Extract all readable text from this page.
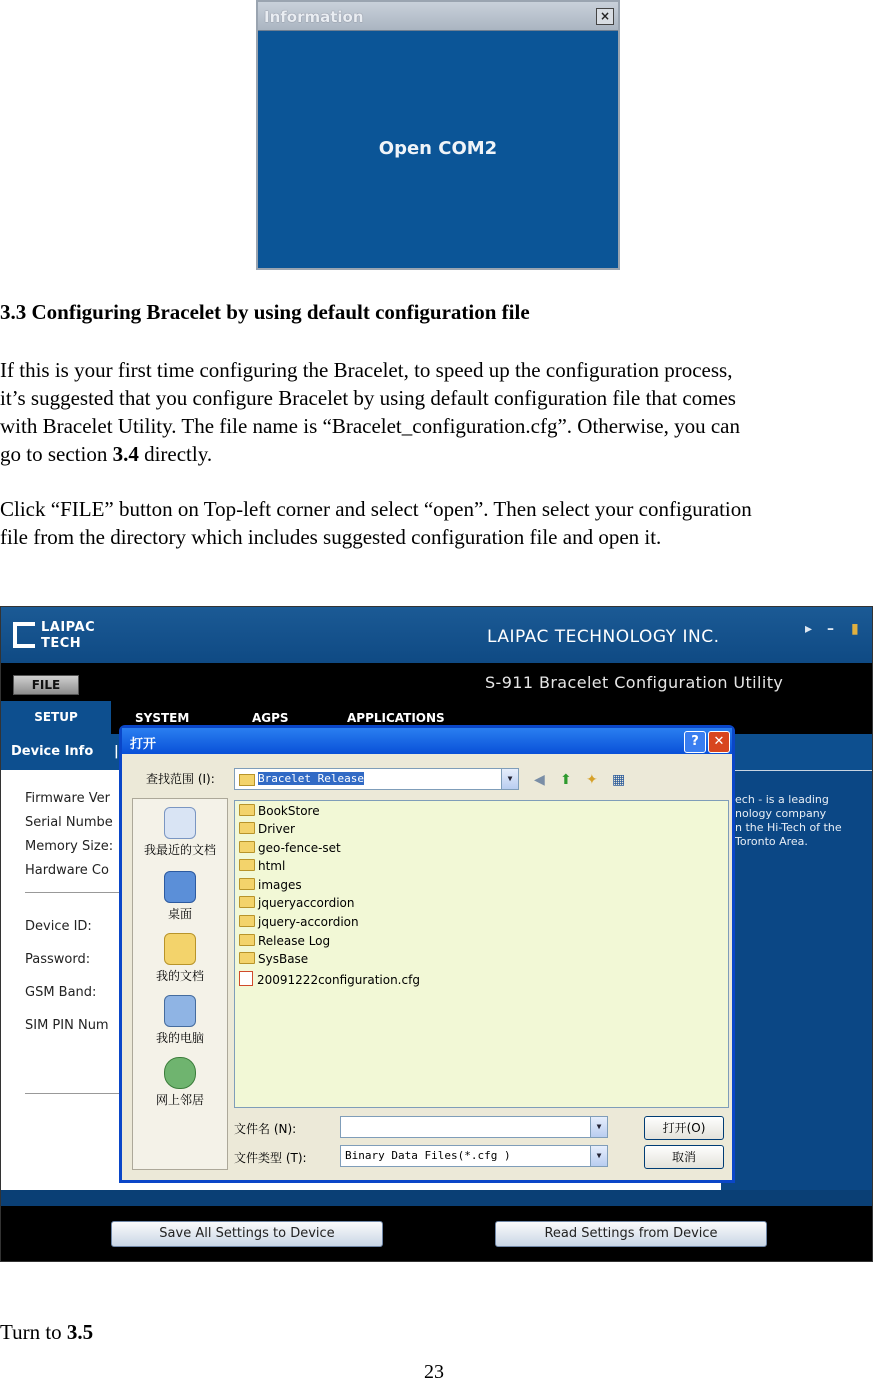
Information	×
Open COM2
3.3 Configuring Bracelet by using default configuration file
If this is your first time configuring the Bracelet, to speed up the configuration process,
it’s suggested that you configure Bracelet by using default configuration file that comes
with Bracelet Utility. The file name is “Bracelet_configuration.cfg”. Otherwise, you can
go to section 3.4 directly.
Click “FILE” button on Top-left corner and select “open”. Then select your configuration
file from the directory which includes suggested configuration file and open it.
LAIPAC
TECH	LAIPAC TECHNOLOGY INC.	▸ – ▮
FILE	S-911 Bracelet Configuration Utility
SETUP	SYSTEM	AGPS	APPLICATIONS
Device Info |
Firmware Ver
Serial Numbe
Memory Size:
Hardware Co
Device ID:
Password:
GSM Band:
SIM PIN Num
ech - is a leading
nology company
n the Hi-Tech of the
Toronto Area.
Save All Settings to Device	Read Settings from Device
打开	?	✕
查找范围 (I):	Bracelet Release	▼	◀ ⬆ ✦ ▦
我最近的文档
桌面
我的文档
我的电脑
网上邻居
BookStore
Driver
geo-fence-set
html
images
jqueryaccordion
jquery-accordion
Release Log
SysBase
20091222configuration.cfg
文件名 (N):	▼	打开(O)
文件类型 (T):	Binary Data Files(*.cfg )	▼	取消
Turn to 3.5
23
